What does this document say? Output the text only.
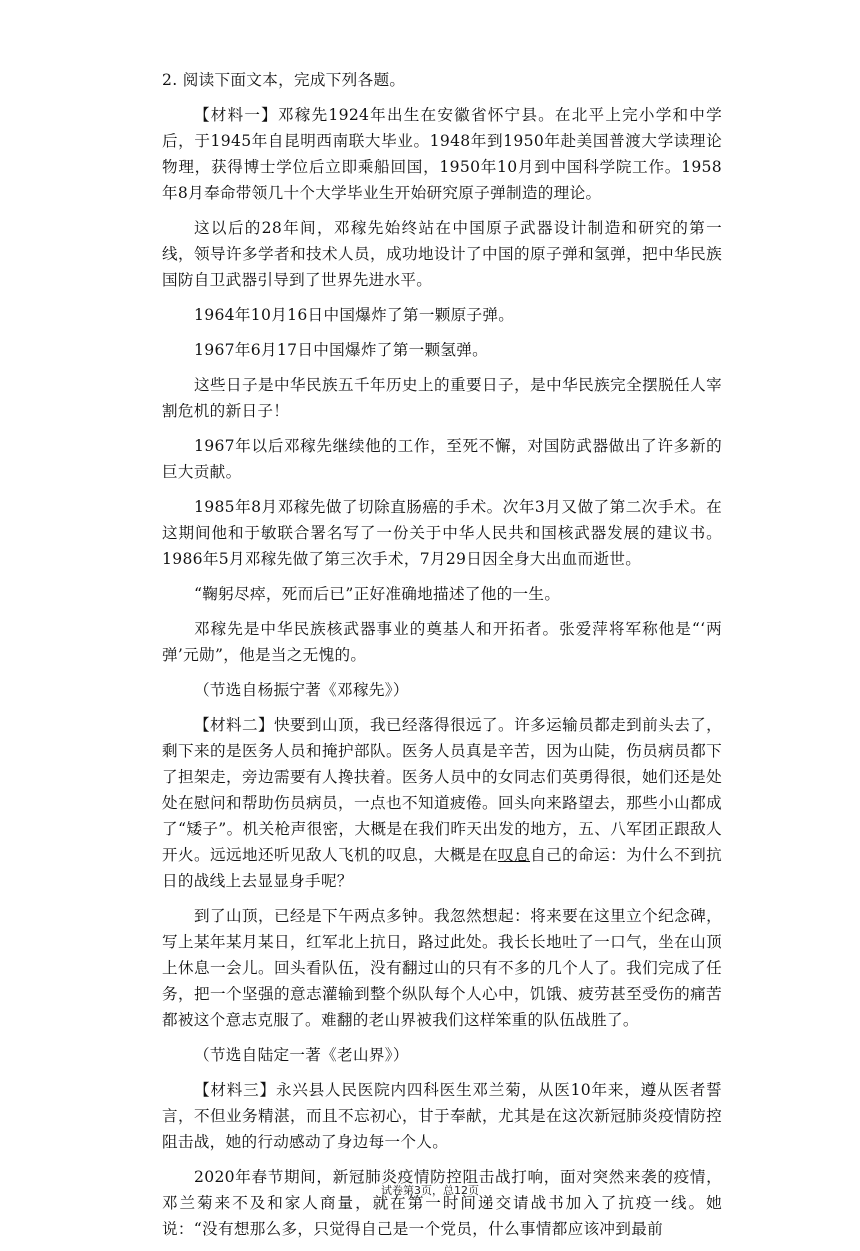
2. 阅读下面文本，完成下列各题。

【材料一】邓稼先1924年出生在安徽省怀宁县。在北平上完小学和中学后，于1945年自昆明西南联大毕业。1948年到1950年赴美国普渡大学读理论物理，获得博士学位后立即乘船回国，1950年10月到中国科学院工作。1958年8月奉命带领几十个大学毕业生开始研究原子弹制造的理论。

这以后的28年间，邓稼先始终站在中国原子武器设计制造和研究的第一线，领导许多学者和技术人员，成功地设计了中国的原子弹和氢弹，把中华民族国防自卫武器引导到了世界先进水平。

1964年10月16日中国爆炸了第一颗原子弹。

1967年6月17日中国爆炸了第一颗氢弹。

这些日子是中华民族五千年历史上的重要日子，是中华民族完全摆脱任人宰割危机的新日子！

1967年以后邓稼先继续他的工作，至死不懈，对国防武器做出了许多新的巨大贡献。

1985年8月邓稼先做了切除直肠癌的手术。次年3月又做了第二次手术。在这期间他和于敏联合署名写了一份关于中华人民共和国核武器发展的建议书。1986年5月邓稼先做了第三次手术，7月29日因全身大出血而逝世。

“鞠躬尽瘁，死而后已”正好准确地描述了他的一生。

邓稼先是中华民族核武器事业的奠基人和开拓者。张爱萍将军称他是“‘两弹’元勋”，他是当之无愧的。

（节选自杨振宁著《邓稼先》）

【材料二】快要到山顶，我已经落得很远了。许多运输员都走到前头去了，剩下来的是医务人员和掩护部队。医务人员真是辛苦，因为山陡，伤员病员都下了担架走，旁边需要有人搀扶着。医务人员中的女同志们英勇得很，她们还是处处在慰问和帮助伤员病员，一点也不知道疲倦。回头向来路望去，那些小山都成了“矮子”。机关枪声很密，大概是在我们昨天出发的地方，五、八军团正跟敌人开火。远远地还听见敌人飞机的叹息，大概是在叹息自己的命运：为什么不到抗日的战线上去显显身手呢？

到了山顶，已经是下午两点多钟。我忽然想起：将来要在这里立个纪念碑，写上某年某月某日，红军北上抗日，路过此处。我长长地吐了一口气，坐在山顶上休息一会儿。回头看队伍，没有翻过山的只有不多的几个人了。我们完成了任务，把一个坚强的意志灌输到整个纵队每个人心中，饥饿、疲劳甚至受伤的痛苦都被这个意志克服了。难翻的老山界被我们这样笨重的队伍战胜了。

（节选自陆定一著《老山界》）

【材料三】永兴县人民医院内四科医生邓兰菊，从医10年来，遵从医者誓言，不但业务精湛，而且不忘初心，甘于奉献，尤其是在这次新冠肺炎疫情防控阻击战，她的行动感动了身边每一个人。

2020年春节期间，新冠肺炎疫情防控阻击战打响，面对突然来袭的疫情，邓兰菊来不及和家人商量，就在第一时间递交请战书加入了抗疫一线。她说：“没有想那么多，只觉得自己是一个党员，什么事情都应该冲到最前

试卷第3页，总12页
